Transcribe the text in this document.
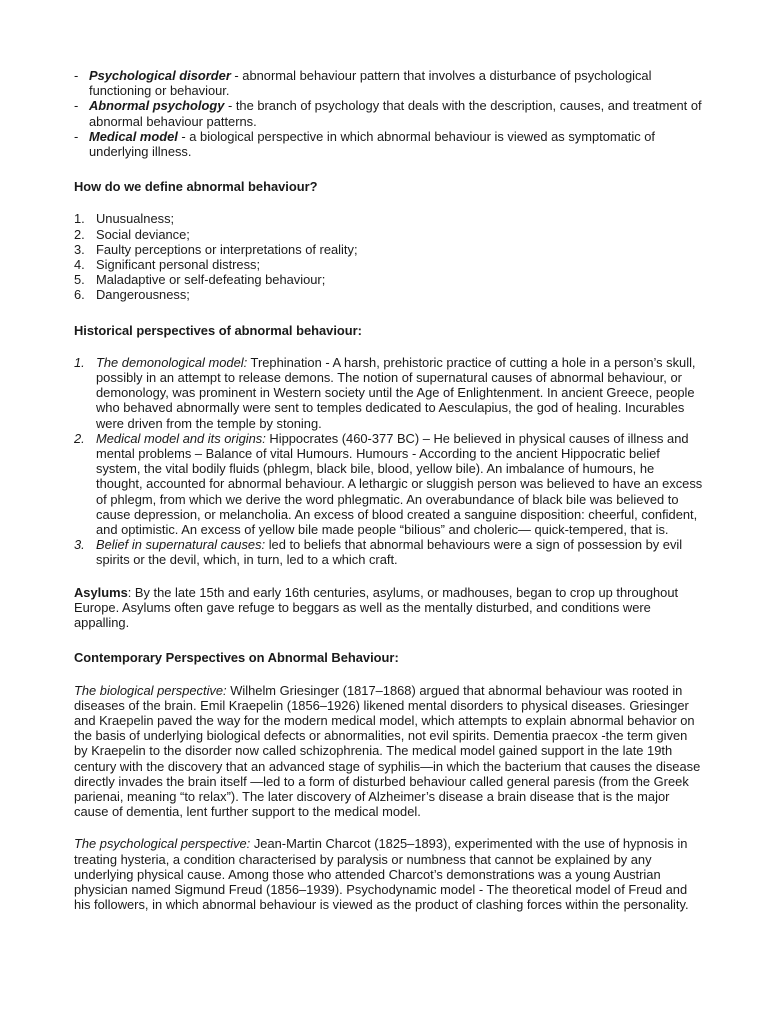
- Psychological disorder - abnormal behaviour pattern that involves a disturbance of psychological functioning or behaviour.
- Abnormal psychology - the branch of psychology that deals with the description, causes, and treatment of abnormal behaviour patterns.
- Medical model - a biological perspective in which abnormal behaviour is viewed as symptomatic of underlying illness.
How do we define abnormal behaviour?
1. Unusualness;
2. Social deviance;
3. Faulty perceptions or interpretations of reality;
4. Significant personal distress;
5. Maladaptive or self-defeating behaviour;
6. Dangerousness;
Historical perspectives of abnormal behaviour:
1. The demonological model: Trephination - A harsh, prehistoric practice of cutting a hole in a person’s skull, possibly in an attempt to release demons. The notion of supernatural causes of abnormal behaviour, or demonology, was prominent in Western society until the Age of Enlightenment. In ancient Greece, people who behaved abnormally were sent to temples dedicated to Aesculapius, the god of healing. Incurables were driven from the temple by stoning.
2. Medical model and its origins: Hippocrates (460-377 BC) – He believed in physical causes of illness and mental problems – Balance of vital Humours. Humours - According to the ancient Hippocratic belief system, the vital bodily fluids (phlegm, black bile, blood, yellow bile). An imbalance of humours, he thought, accounted for abnormal behaviour. A lethargic or sluggish person was believed to have an excess of phlegm, from which we derive the word phlegmatic. An overabundance of black bile was believed to cause depression, or melancholia. An excess of blood created a sanguine disposition: cheerful, confident, and optimistic. An excess of yellow bile made people “bilious” and choleric— quick-tempered, that is.
3. Belief in supernatural causes: led to beliefs that abnormal behaviours were a sign of possession by evil spirits or the devil, which, in turn, led to a which craft.

Asylums: By the late 15th and early 16th centuries, asylums, or madhouses, began to crop up throughout Europe. Asylums often gave refuge to beggars as well as the mentally disturbed, and conditions were appalling.

Contemporary Perspectives on Abnormal Behaviour:

The biological perspective: Wilhelm Griesinger (1817–1868) argued that abnormal behaviour was rooted in diseases of the brain. Emil Kraepelin (1856–1926) likened mental disorders to physical diseases. Griesinger and Kraepelin paved the way for the modern medical model, which attempts to explain abnormal behavior on the basis of underlying biological defects or abnormalities, not evil spirits. Dementia praecox -the term given by Kraepelin to the disorder now called schizophrenia. The medical model gained support in the late 19th century with the discovery that an advanced stage of syphilis—in which the bacterium that causes the disease directly invades the brain itself —led to a form of disturbed behaviour called general paresis (from the Greek parienai, meaning “to relax”). The later discovery of Alzheimer’s disease a brain disease that is the major cause of dementia, lent further support to the medical model.

The psychological perspective: Jean-Martin Charcot (1825–1893), experimented with the use of hypnosis in treating hysteria, a condition characterised by paralysis or numbness that cannot be explained by any underlying physical cause. Among those who attended Charcot’s demonstrations was a young Austrian physician named Sigmund Freud (1856–1939). Psychodynamic model - The theoretical model of Freud and his followers, in which abnormal behaviour is viewed as the product of clashing forces within the personality.
